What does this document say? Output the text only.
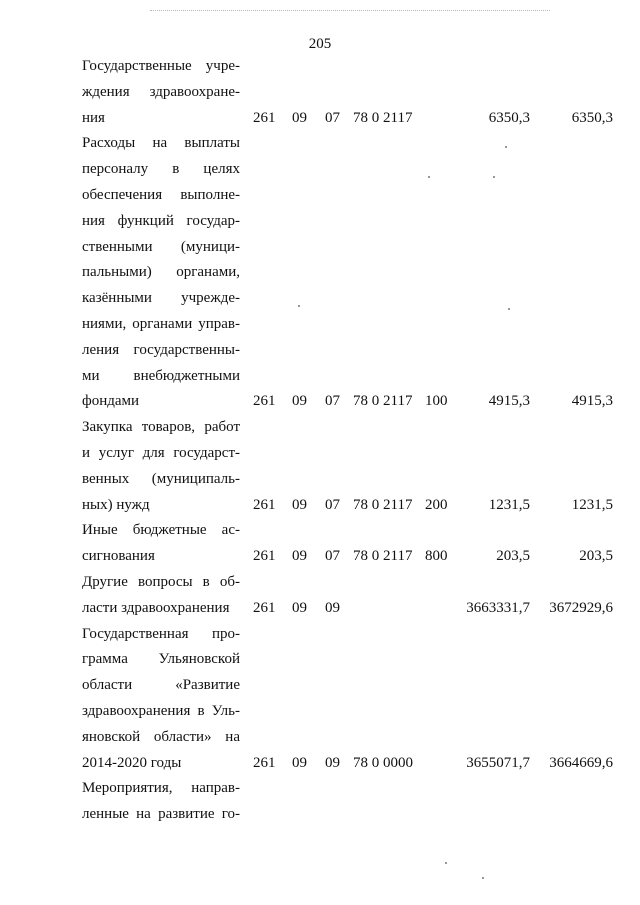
205
Государственные учре-
ждения здравоохране-
ния	261 09 07 78 0 2117	6350,3	6350,3
Расходы на выплаты
персоналу в целях
обеспечения выполне-
ния функций государ-
ственными (муници-
пальными) органами,
казёнными учрежде-
ниями, органами управ-
ления государственны-
ми внебюджетными
фондами	261 09 07 78 0 2117 100	4915,3	4915,3
Закупка товаров, работ
и услуг для государст-
венных (муниципаль-
ных) нужд	261 09 07 78 0 2117 200	1231,5	1231,5
Иные бюджетные ас-
сигнования	261 09 07 78 0 2117 800	203,5	203,5
Другие вопросы в об-
ласти здравоохранения	261 09 09	3663331,7 3672929,6
Государственная про-
грамма Ульяновской
области «Развитие
здравоохранения в Уль-
яновской области» на
2014-2020 годы	261 09 09 78 0 0000	3655071,7 3664669,6
Мероприятия, направ-
ленные на развитие го-
